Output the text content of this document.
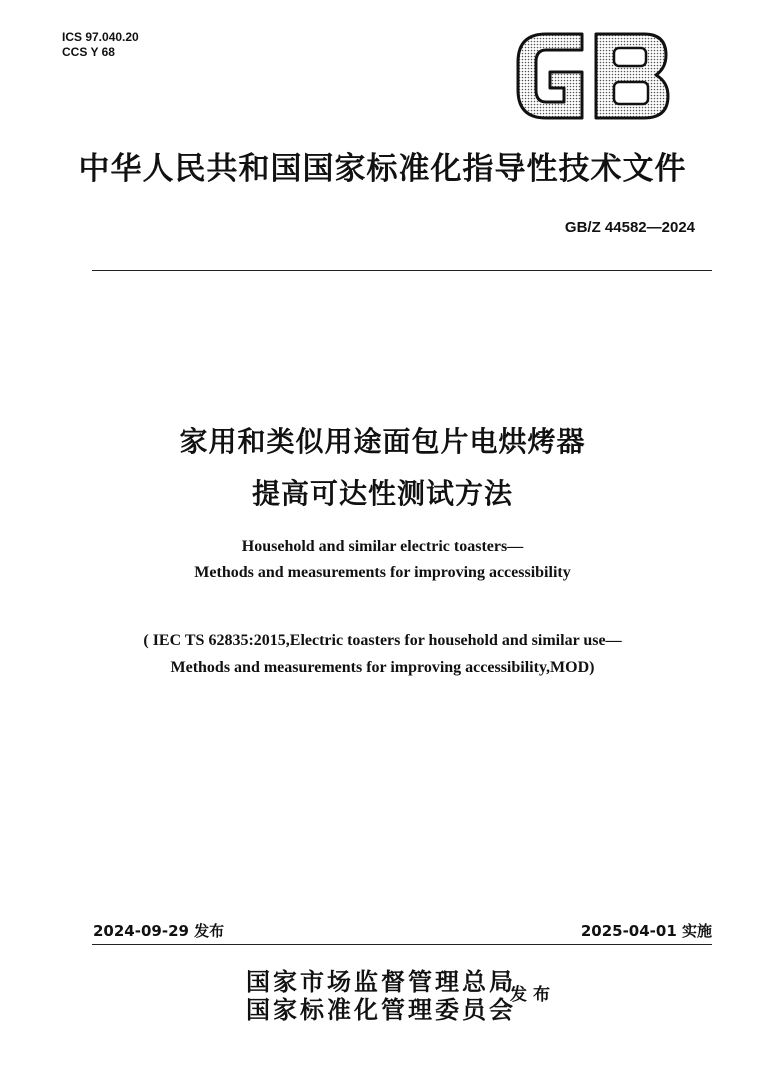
ICS 97.040.20
CCS Y 68
中华人民共和国国家标准化指导性技术文件
GB/Z 44582—2024
家用和类似用途面包片电烘烤器
提高可达性测试方法
Household and similar electric toasters—
Methods and measurements for improving accessibility
( IEC TS 62835:2015,Electric toasters for household and similar use—
Methods and measurements for improving accessibility,MOD)
2024-09-29 发布	2025-04-01 实施
国家市场监督管理总局
国家标准化管理委员会
发布
